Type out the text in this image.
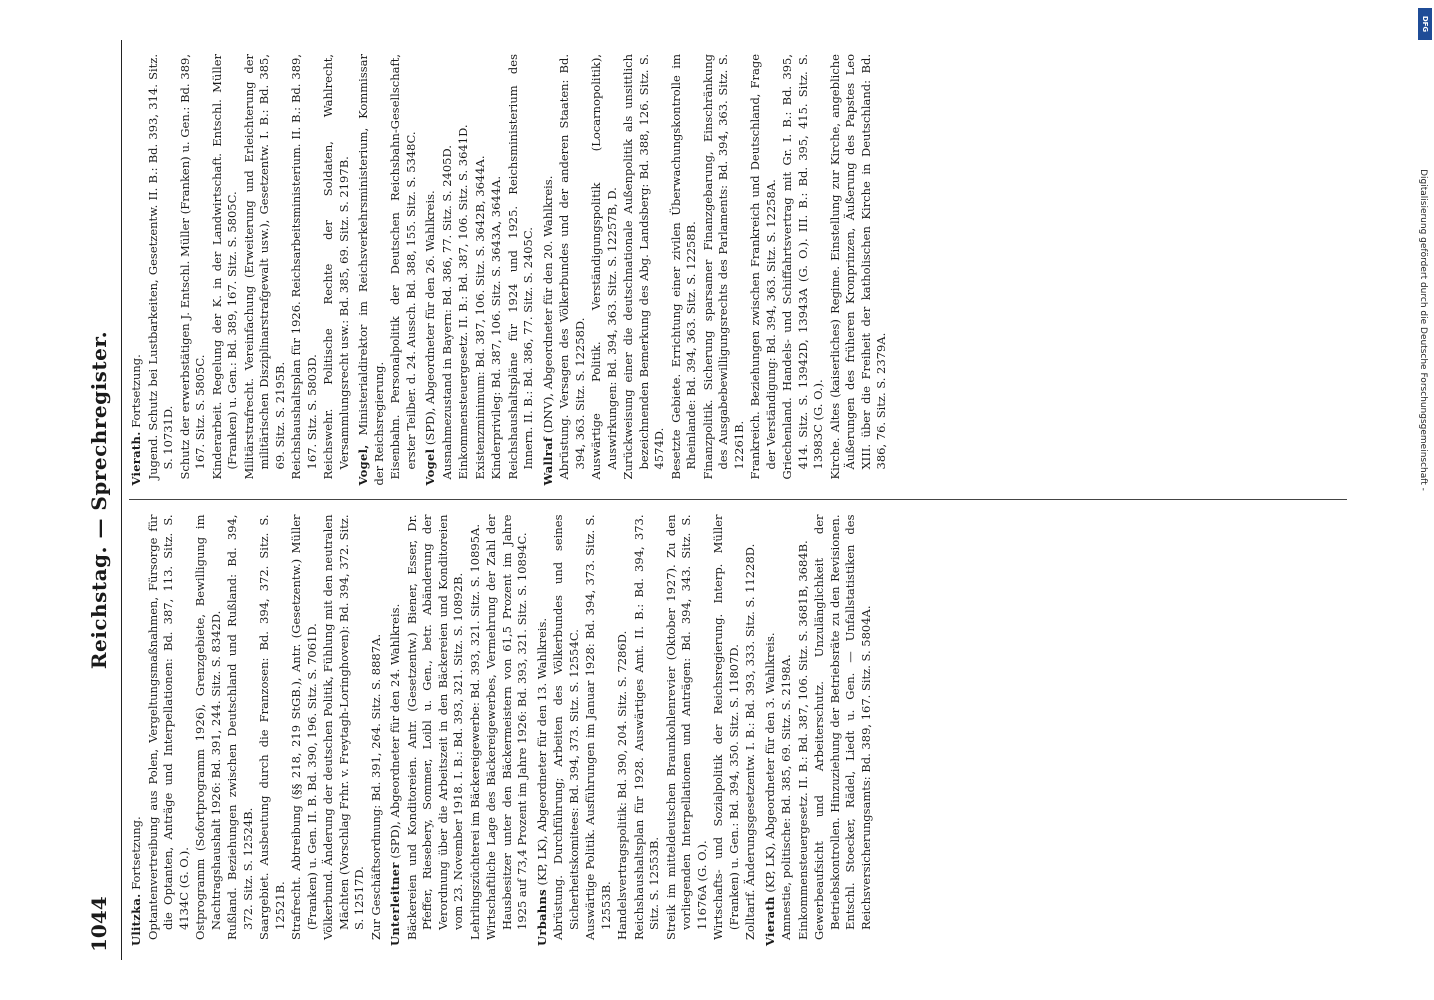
1044
Reichstag. — Sprechregister.
Ulitzka. Fortsetzung. Optantenvertreibung aus Polen, Vergeltungsmaßnahmen, Fürsorge für die Optanten, Anträge und Interpellationen: Bd. 387, 113. Sitz. S. 4134C (G. O.). Ostprogramm (Sofortprogramm 1926), Grenzgebiete, Bewilligung im Nachtragshaushalt 1926: Bd. 391, 244. Sitz. S. 8342D. Rußland. Beziehungen zwischen Deutschland und Rußland: Bd. 394, 372. Sitz. S. 12524B. Saargebiet. Ausbeutung durch die Franzosen: Bd. 394, 372. Sitz. S. 12521B. Strafrecht. Abtreibung (§§ 218, 219 StGB.), Antr. (Gesetzentw.) Müller (Franken) u. Gen. II. B. Bd. 390, 196. Sitz. S. 7061D. Völkerbund. Änderung der deutschen Politik, Fühlung mit den neutralen Mächten (Vorschlag Frhr. v. Freytagh-Loringhoven): Bd. 394, 372. Sitz. S. 12517D. Zur Geschäftsordnung: Bd. 391, 264. Sitz. S. 8887A. Unterleitner (SPD), Abgeordneter für den 24. Wahlkreis. Bäckereien und Konditoreien. Antr. (Gesetzentw.) Biener, Esser, Dr. Pfeffer, Riesebery, Sommer, Loibl u. Gen., betr. Abänderung der Verordnung über die Arbeitszeit in den Bäckereien und Konditoreien vom 23. November 1918. I. B.: Bd. 393, 321. Sitz. S. 10892B. Lehrlingszüchterei im Bäckereigewerbe: Bd. 393, 321. Sitz. S. 10895A. Wirtschaftliche Lage des Bäckereigewerbes, Vermehrung der Zahl der Hausbesitzer unter den Bäckermeistern von 61,5 Prozent im Jahre 1925 auf 73,4 Prozent im Jahre 1926: Bd. 393, 321. Sitz. S. 10894C. Urbahns (KP, LK), Abgeordneter für den 13. Wahlkreis. Abrüstung. Durchführung; Arbeiten des Völkerbundes und seines Sicherheitskomitees: Bd. 394, 373. Sitz. S. 12554C. Auswärtige Politik. Ausführungen im Januar 1928: Bd. 394, 373. Sitz. S. 12553B. Handelsvertragspolitik: Bd. 390, 204. Sitz. S. 7286D. Reichshaushaltsplan für 1928. Auswärtiges Amt. II. B.: Bd. 394, 373. Sitz. S. 12553B. Streik im mitteldeutschen Braunkohlenrevier (Oktober 1927). Zu den vorliegenden Interpellationen und Anträgen: Bd. 394, 343. Sitz. S. 11676A (G. O.). Wirtschafts- und Sozialpolitik der Reichsregierung. Interp. Müller (Franken) u. Gen.: Bd. 394, 350. Sitz. S. 11807D. Zolltarif. Änderungsgesetzentw. I. B.: Bd. 393, 333. Sitz. S. 11228D. Vierath (KP, LK), Abgeordneter für den 3. Wahlkreis. Amnestie, politische: Bd. 385, 69. Sitz. S. 2198A. Einkommensteuergesetz. II. B.: Bd. 387, 106. Sitz. S. 3681B, 3684B. Gewerbeaufsicht und Arbeiterschutz. Unzulänglichkeit der Betriebskontrollen. Hinzuziehung der Betriebsräte zu den Revisionen. Entschl. Stoecker, Rädel, Liedt u. Gen. — Unfallstatistiken des Reichsversicherungsamts: Bd. 389, 167. Sitz. S. 5804A.
Vierath. Fortsetzung. Jugend. Schutz bei Lustbarkeiten, Gesetzentw. II. B.: Bd. 393, 314. Sitz. S. 10731D. Schutz der erwerbstätigen J. Entschl. Müller (Franken) u. Gen.: Bd. 389, 167. Sitz. S. 5805C. Kinderarbeit. Regelung der K. in der Landwirtschaft. Entschl. Müller (Franken) u. Gen.: Bd. 389, 167. Sitz. S. 5805C. Militärstrafrecht. Vereinfachung (Erweiterung und Erleichterung der militärischen Disziplinarstrafgewalt usw.), Gesetzentw. I. B.: Bd. 385, 69. Sitz. S. 2195B. Reichshaushaltsplan für 1926. Reichsarbeitsministerium. II. B.: Bd. 389, 167. Sitz. S. 5803D. Reichswehr. Politische Rechte der Soldaten, Wahlrecht, Versammlungsrecht usw.: Bd. 385, 69. Sitz. S. 2197B. Vogel, Ministerialdirektor im Reichsverkehrsministerium, Kommissar der Reichsregierung. Eisenbahn. Personalpolitik der Deutschen Reichsbahn-Gesellschaft, erster Teilber. d. 24. Aussch. Bd. 388, 155. Sitz. S. 5348C. Vogel (SPD), Abgeordneter für den 26. Wahlkreis. Ausnahmezustand in Bayern: Bd. 386, 77. Sitz. S. 2405D. Einkommensteuergesetz. II. B.: Bd. 387, 106. Sitz. S. 3641D. Existenzminimum: Bd. 387, 106. Sitz. S. 3642B, 3644A. Kinderprivileg: Bd. 387, 106. Sitz. S. 3643A, 3644A. Reichshaushaltspläne für 1924 und 1925. Reichsministerium des Innern. II. B.: Bd. 386, 77. Sitz. S. 2405C. Wallraf (DNV), Abgeordneter für den 20. Wahlkreis. Abrüstung. Versagen des Völkerbundes und der anderen Staaten: Bd. 394, 363. Sitz. S. 12258D. Auswärtige Politik. Verständigungspolitik (Locarnopolitik), Auswirkungen: Bd. 394, 363. Sitz. S. 12257B, D. Zurückweisung einer die deutschnationale Außenpolitik als unsittlich bezeichnenden Bemerkung des Abg. Landsberg: Bd. 388, 126. Sitz. S. 4574D. Besetzte Gebiete. Errichtung einer zivilen Überwachungskontrolle im Rheinlande: Bd. 394, 363. Sitz. S. 12258B. Finanzpolitik. Sicherung sparsamer Finanzgebarung, Einschränkung des Ausgabebewilligungsrechts des Parlaments: Bd. 394, 363. Sitz. S. 12261B. Frankreich. Beziehungen zwischen Frankreich und Deutschland, Frage der Verständigung: Bd. 394, 363. Sitz. S. 12258A. Griechenland. Handels- und Schiffahrtsvertrag mit Gr. I. B.: Bd. 395, 414. Sitz. S. 13942D, 13943A (G. O.). III. B.: Bd. 395, 415. Sitz. S. 13983C (G. O.). Kirche. Altes (kaiserliches) Regime. Einstellung zur Kirche, angebliche Äußerungen des früheren Kronprinzen, Äußerung des Papstes Leo XIII. über die Freiheit der katholischen Kirche in Deutschland: Bd. 386, 76. Sitz. S. 2379A.	Digitalisierung gefördert durch die Deutsche Forschungsgemeinschaft -
DFG
